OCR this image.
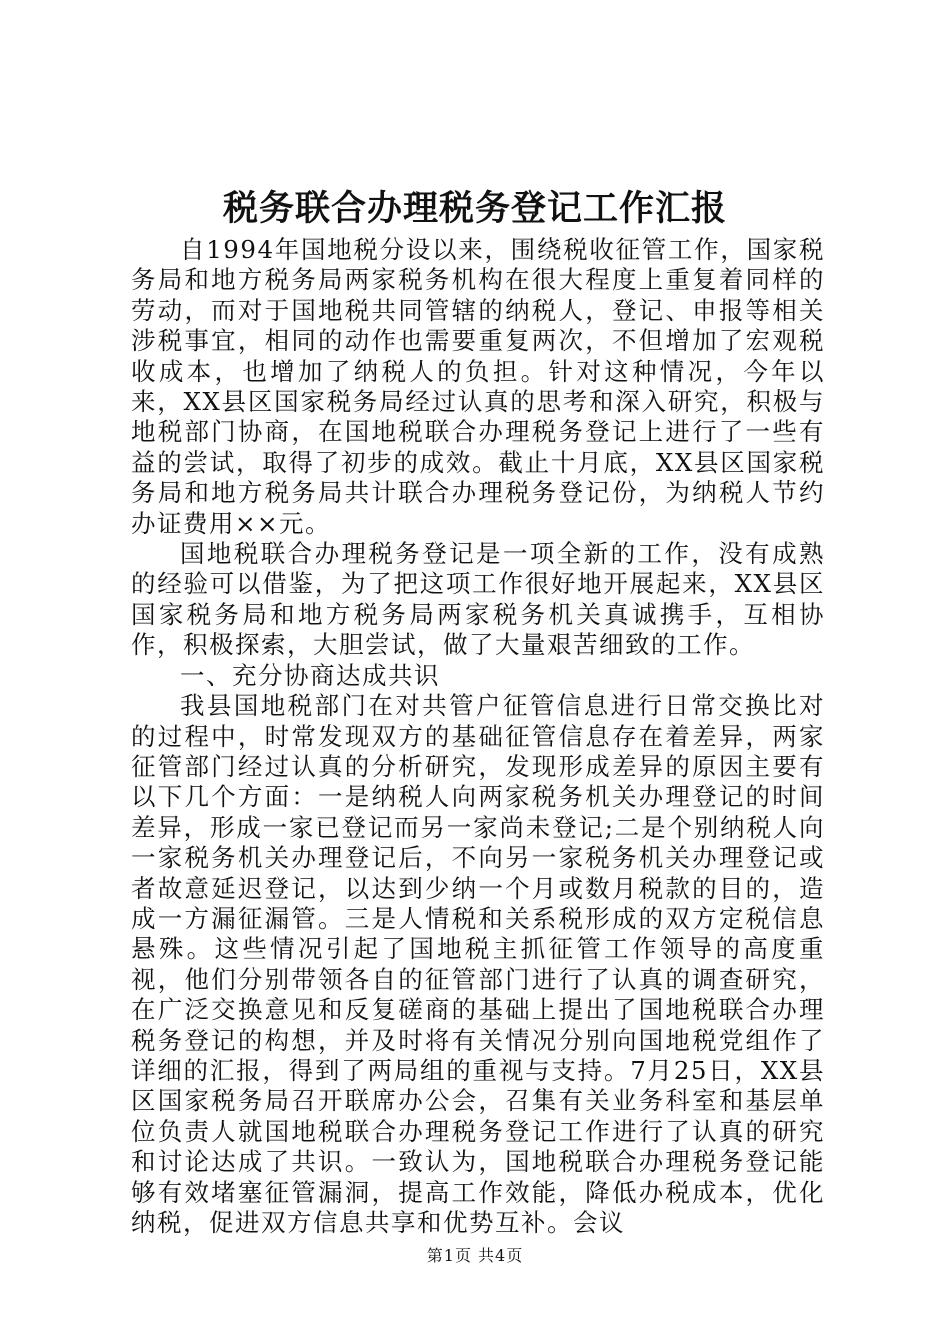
税务联合办理税务登记工作汇报

自1994年国地税分设以来，围绕税收征管工作，国家税务局和地方税务局两家税务机构在很大程度上重复着同样的劳动，而对于国地税共同管辖的纳税人，登记、申报等相关涉税事宜，相同的动作也需要重复两次，不但增加了宏观税收成本，也增加了纳税人的负担。针对这种情况，今年以来，XX县区国家税务局经过认真的思考和深入研究，积极与地税部门协商，在国地税联合办理税务登记上进行了一些有益的尝试，取得了初步的成效。截止十月底，XX县区国家税务局和地方税务局共计联合办理税务登记份，为纳税人节约办证费用××元。

国地税联合办理税务登记是一项全新的工作，没有成熟的经验可以借鉴，为了把这项工作很好地开展起来，XX县区国家税务局和地方税务局两家税务机关真诚携手，互相协作，积极探索，大胆尝试，做了大量艰苦细致的工作。

一、充分协商达成共识

我县国地税部门在对共管户征管信息进行日常交换比对的过程中，时常发现双方的基础征管信息存在着差异，两家征管部门经过认真的分析研究，发现形成差异的原因主要有以下几个方面：一是纳税人向两家税务机关办理登记的时间差异，形成一家已登记而另一家尚未登记;二是个别纳税人向一家税务机关办理登记后，不向另一家税务机关办理登记或者故意延迟登记，以达到少纳一个月或数月税款的目的，造成一方漏征漏管。三是人情税和关系税形成的双方定税信息悬殊。这些情况引起了国地税主抓征管工作领导的高度重视，他们分别带领各自的征管部门进行了认真的调查研究，在广泛交换意见和反复磋商的基础上提出了国地税联合办理税务登记的构想，并及时将有关情况分别向国地税党组作了详细的汇报，得到了两局组的重视与支持。7月25日，XX县区国家税务局召开联席办公会，召集有关业务科室和基层单位负责人就国地税联合办理税务登记工作进行了认真的研究和讨论达成了共识。一致认为，国地税联合办理税务登记能够有效堵塞征管漏洞，提高工作效能，降低办税成本，优化纳税，促进双方信息共享和优势互补。会议

第1页 共4页
